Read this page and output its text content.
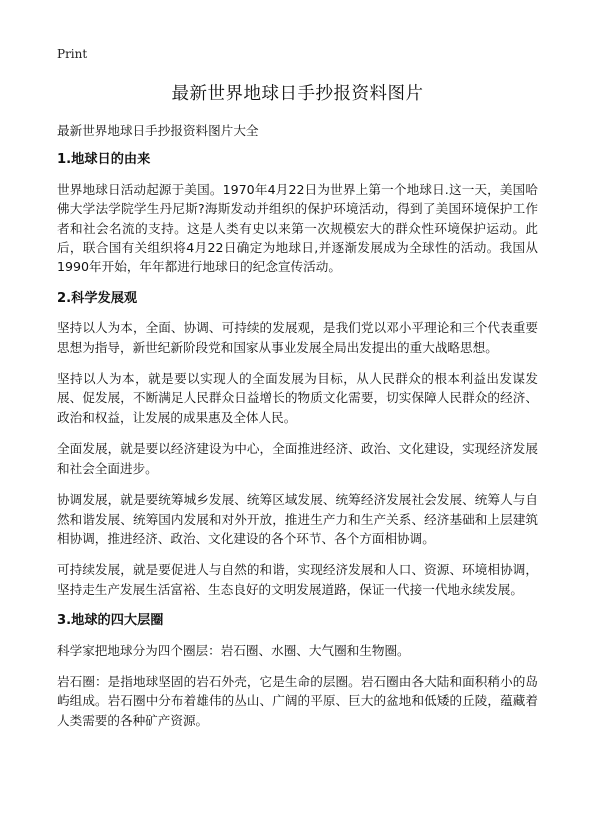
Print
最新世界地球日手抄报资料图片

最新世界地球日手抄报资料图片大全

1.地球日的由来

世界地球日活动起源于美国。1970年4月22日为世界上第一个地球日.这一天，美国哈佛大学法学院学生丹尼斯?海斯发动并组织的保护环境活动，得到了美国环境保护工作者和社会名流的支持。这是人类有史以来第一次规模宏大的群众性环境保护运动。此后，联合国有关组织将4月22日确定为地球日,并逐渐发展成为全球性的活动。我国从1990年开始，年年都进行地球日的纪念宣传活动。

2.科学发展观

坚持以人为本，全面、协调、可持续的发展观，是我们党以邓小平理论和三个代表重要思想为指导，新世纪新阶段党和国家从事业发展全局出发提出的重大战略思想。

坚持以人为本，就是要以实现人的全面发展为目标，从人民群众的根本利益出发谋发展、促发展，不断满足人民群众日益增长的物质文化需要，切实保障人民群众的经济、政治和权益，让发展的成果惠及全体人民。

全面发展，就是要以经济建设为中心，全面推进经济、政治、文化建设，实现经济发展和社会全面进步。

协调发展，就是要统筹城乡发展、统筹区域发展、统筹经济发展社会发展、统筹人与自然和谐发展、统筹国内发展和对外开放，推进生产力和生产关系、经济基础和上层建筑相协调，推进经济、政治、文化建设的各个环节、各个方面相协调。

可持续发展，就是要促进人与自然的和谐，实现经济发展和人口、资源、环境相协调，坚持走生产发展生活富裕、生态良好的文明发展道路，保证一代接一代地永续发展。

3.地球的四大层圈

科学家把地球分为四个圈层：岩石圈、水圈、大气圈和生物圈。

岩石圈：是指地球坚固的岩石外壳，它是生命的层圈。岩石圈由各大陆和面积稍小的岛屿组成。岩石圈中分布着雄伟的丛山、广阔的平原、巨大的盆地和低矮的丘陵，蕴藏着人类需要的各种矿产资源。
